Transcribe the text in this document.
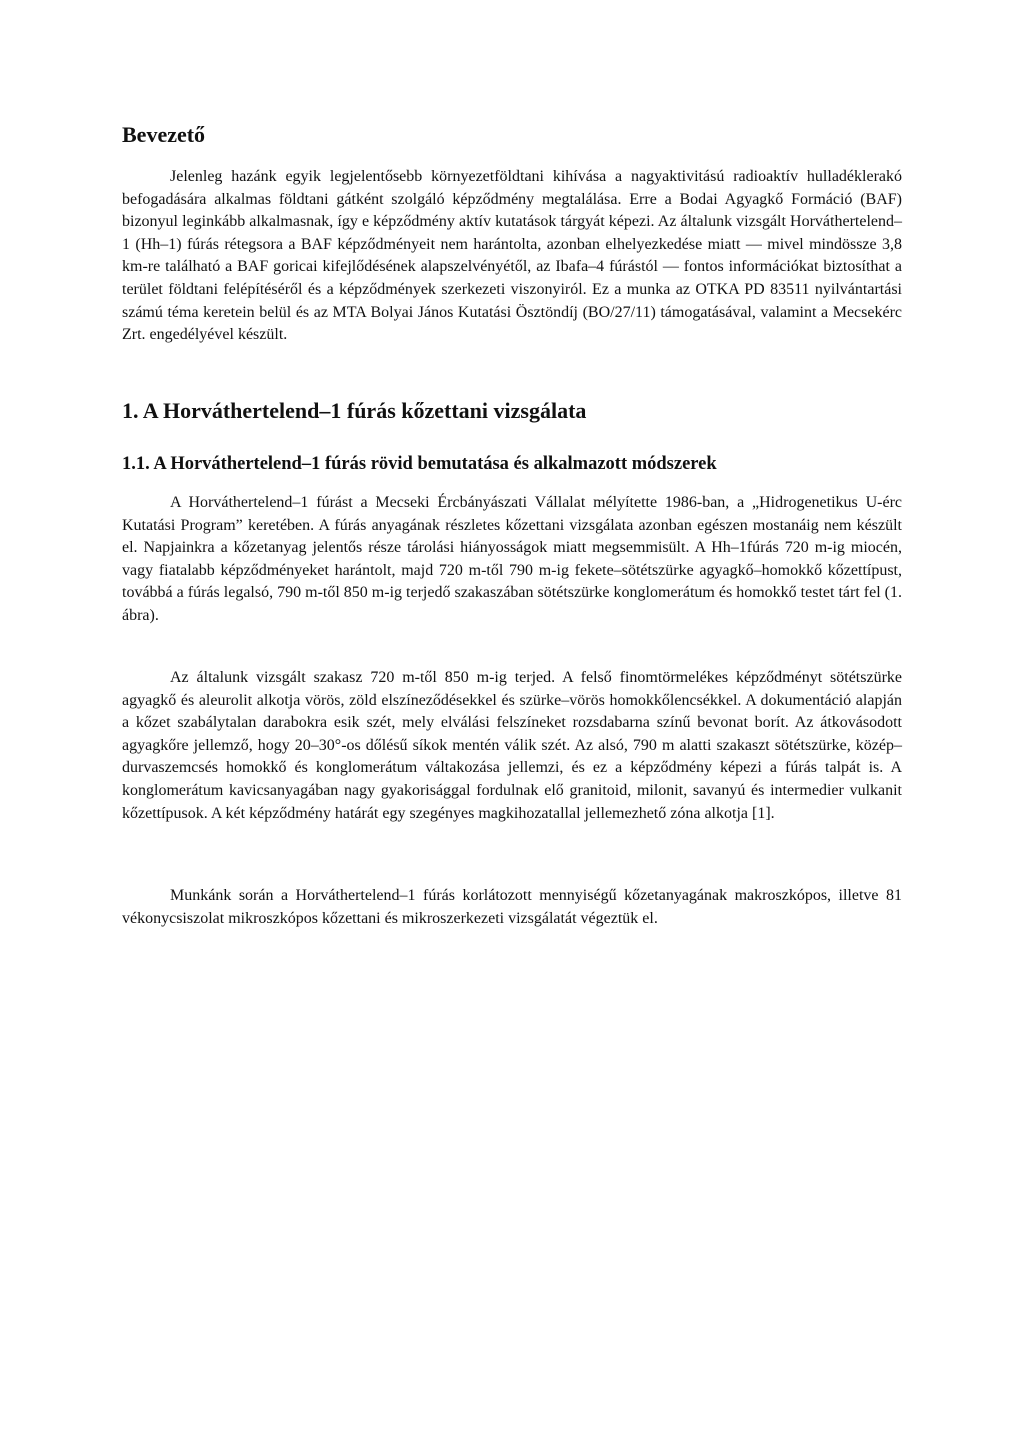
Bevezető

Jelenleg hazánk egyik legjelentősebb környezetföldtani kihívása a nagyaktivitású radioaktív hulladéklerakó befogadására alkalmas földtani gátként szolgáló képződmény megtalálása. Erre a Bodai Agyagkő Formáció (BAF) bizonyul leginkább alkalmasnak, így e képződmény aktív kutatások tárgyát képezi. Az általunk vizsgált Horváthertelend–1 (Hh–1) fúrás rétegsora a BAF képződményeit nem harántolta, azonban elhelyezkedése miatt — mivel mindössze 3,8 km-re található a BAF goricai kifejlődésének alapszelvényétől, az Ibafa–4 fúrástól — fontos információkat biztosíthat a terület földtani felépítéséről és a képződmények szerkezeti viszonyiról. Ez a munka az OTKA PD 83511 nyilvántartási számú téma keretein belül és az MTA Bolyai János Kutatási Ösztöndíj (BO/27/11) támogatásával, valamint a Mecsekérc Zrt. engedélyével készült.

1. A Horváthertelend–1 fúrás kőzettani vizsgálata
1.1. A Horváthertelend–1 fúrás rövid bemutatása és alkalmazott módszerek

A Horváthertelend–1 fúrást a Mecseki Ércbányászati Vállalat mélyítette 1986-ban, a „Hidrogenetikus U-érc Kutatási Program” keretében. A fúrás anyagának részletes kőzettani vizsgálata azonban egészen mostanáig nem készült el. Napjainkra a kőzetanyag jelentős része tárolási hiányosságok miatt megsemmisült. A Hh–1fúrás 720 m-ig miocén, vagy fiatalabb képződményeket harántolt, majd 720 m-től 790 m-ig fekete–sötétszürke agyagkő–homokkő kőzettípust, továbbá a fúrás legalsó, 790 m-től 850 m-ig terjedő szakaszában sötétszürke konglomerátum és homokkő testet tárt fel (1. ábra).

Az általunk vizsgált szakasz 720 m-től 850 m-ig terjed. A felső finomtörmelékes képződményt sötétszürke agyagkő és aleurolit alkotja vörös, zöld elszíneződésekkel és szürke–vörös homokkőlencsékkel. A dokumentáció alapján a kőzet szabálytalan darabokra esik szét, mely elválási felszíneket rozsdabarna színű bevonat borít. Az átkovásodott agyagkőre jellemző, hogy 20–30°-os dőlésű síkok mentén válik szét. Az alsó, 790 m alatti szakaszt sötétszürke, közép–durvaszemcsés homokkő és konglomerátum váltakozása jellemzi, és ez a képződmény képezi a fúrás talpát is. A konglomerátum kavicsanyagában nagy gyakorisággal fordulnak elő granitoid, milonit, savanyú és intermedier vulkanit kőzettípusok. A két képződmény határát egy szegényes magkihozatallal jellemezhető zóna alkotja [1].

Munkánk során a Horváthertelend–1 fúrás korlátozott mennyiségű kőzetanyagának makroszkópos, illetve 81 vékonycsiszolat mikroszkópos kőzettani és mikroszerkezeti vizsgálatát végeztük el.
